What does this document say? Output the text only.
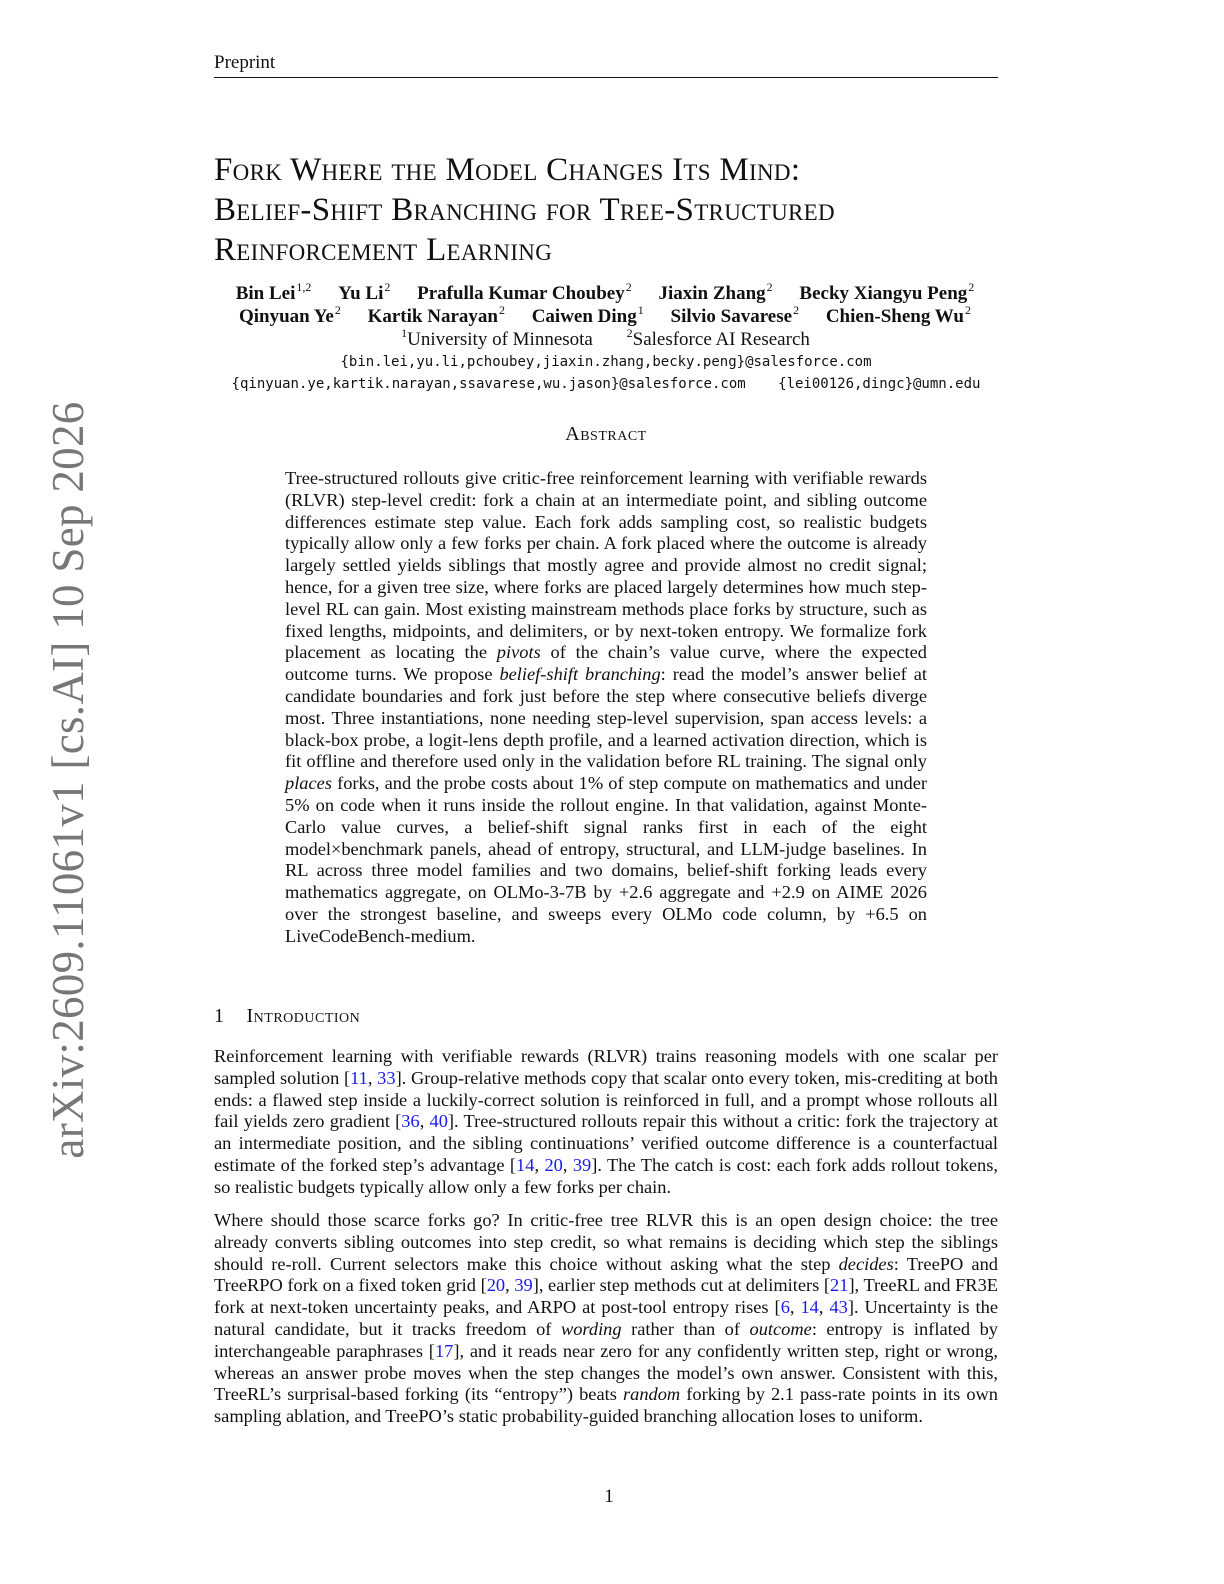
Preprint
arXiv:2609.11061v1 [cs.AI] 10 Sep 2026
Fork Where the Model Changes Its Mind:
Belief-Shift Branching for Tree-Structured
Reinforcement Learning
Bin Lei$^{1,2}$ Yu Li$^2$ Prafulla Kumar Choubey$^2$ Jiaxin Zhang$^2$ Becky Xiangyu Peng$^2$
Qinyuan Ye$^2$ Kartik Narayan$^2$ Caiwen Ding$^1$ Silvio Savarese$^2$ Chien-Sheng Wu$^2$
$^1$University of Minnesota	$^2$Salesforce AI Research
{bin.lei,yu.li,pchoubey,jiaxin.zhang,becky.peng}@salesforce.com
{qinyuan.ye,kartik.narayan,ssavarese,wu.jason}@salesforce.com {lei00126,dingc}@umn.edu
Abstract
Tree-structured rollouts give critic-free reinforcement learning with verifiable rewards (RLVR) step-level credit: fork a chain at an intermediate point, and sibling outcome differences estimate step value. Each fork adds sampling cost, so realistic budgets typically allow only a few forks per chain. A fork placed where the outcome is already largely settled yields siblings that mostly agree and provide almost no credit signal; hence, for a given tree size, where forks are placed largely determines how much step-level RL can gain. Most existing mainstream methods place forks by structure, such as fixed lengths, midpoints, and delimiters, or by next-token entropy. We formalize fork placement as locating the pivots of the chain’s value curve, where the expected outcome turns. We propose belief-shift branching: read the model’s answer belief at candidate boundaries and fork just before the step where consecutive beliefs diverge most. Three instantiations, none needing step-level supervision, span access levels: a black-box probe, a logit-lens depth profile, and a learned activation direction, which is fit offline and therefore used only in the validation before RL training. The signal only places forks, and the probe costs about 1% of step compute on mathematics and under 5% on code when it runs inside the rollout engine. In that validation, against Monte-Carlo value curves, a belief-shift signal ranks first in each of the eight model×benchmark panels, ahead of entropy, structural, and LLM-judge baselines. In RL across three model families and two domains, belief-shift forking leads every mathematics aggregate, on OLMo-3-7B by +2.6 aggregate and +2.9 on AIME 2026 over the strongest baseline, and sweeps every OLMo code column, by +6.5 on LiveCodeBench-medium.
1 Introduction
Reinforcement learning with verifiable rewards (RLVR) trains reasoning models with one scalar per sampled solution [11, 33]. Group-relative methods copy that scalar onto every token, mis-crediting at both ends: a flawed step inside a luckily-correct solution is reinforced in full, and a prompt whose rollouts all fail yields zero gradient [36, 40]. Tree-structured rollouts repair this without a critic: fork the trajectory at an intermediate position, and the sibling continuations’ verified outcome difference is a counterfactual estimate of the forked step’s advantage [14, 20, 39]. The The catch is cost: each fork adds rollout tokens, so realistic budgets typically allow only a few forks per chain.
Where should those scarce forks go? In critic-free tree RLVR this is an open design choice: the tree already converts sibling outcomes into step credit, so what remains is deciding which step the siblings should re-roll. Current selectors make this choice without asking what the step decides: TreePO and TreeRPO fork on a fixed token grid [20, 39], earlier step methods cut at delimiters [21], TreeRL and FR3E fork at next-token uncertainty peaks, and ARPO at post-tool entropy rises [6, 14, 43]. Uncertainty is the natural candidate, but it tracks freedom of wording rather than of outcome: entropy is inflated by interchangeable paraphrases [17], and it reads near zero for any confidently written step, right or wrong, whereas an answer probe moves when the step changes the model’s own answer. Consistent with this, TreeRL’s surprisal-based forking (its “entropy”) beats random forking by 2.1 pass-rate points in its own sampling ablation, and TreePO’s static probability-guided branching allocation loses to uniform.
1
